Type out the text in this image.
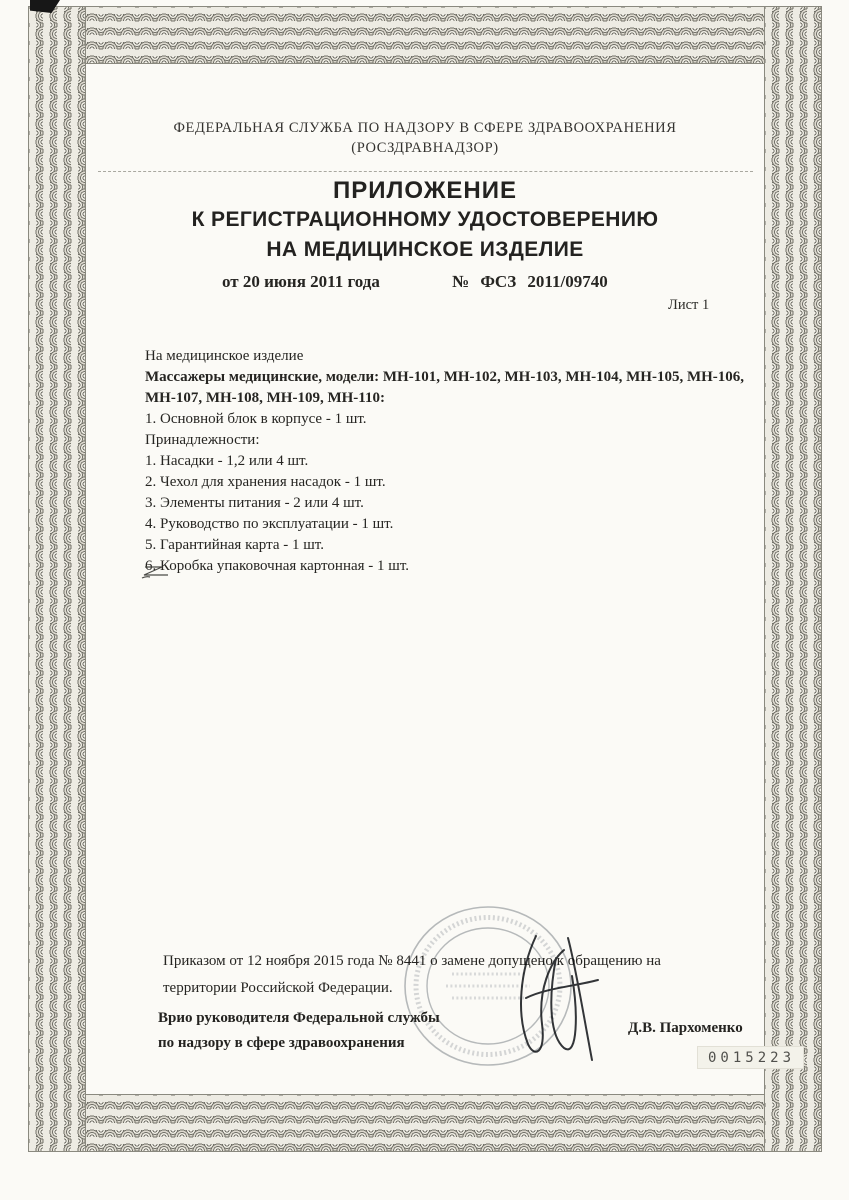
ФЕДЕРАЛЬНАЯ СЛУЖБА ПО НАДЗОРУ В СФЕРЕ ЗДРАВООХРАНЕНИЯ
(РОСЗДРАВНАДЗОР)
ПРИЛОЖЕНИЕ
К РЕГИСТРАЦИОННОМУ УДОСТОВЕРЕНИЮ
НА МЕДИЦИНСКОЕ ИЗДЕЛИЕ
от 20 июня 2011 года	№ ФСЗ 2011/09740
Лист 1
На медицинское изделие
Массажеры медицинские, модели: МН-101, МН-102, МН-103, МН-104, МН-105, МН-106, МН-107, МН-108, МН-109, МН-110:
1. Основной блок в корпусе - 1 шт.
Принадлежности:
1. Насадки - 1,2 или 4 шт.
2. Чехол для хранения насадок - 1 шт.
3. Элементы питания - 2 или 4 шт.
4. Руководство по эксплуатации - 1 шт.
5. Гарантийная карта - 1 шт.
6. Коробка упаковочная картонная - 1 шт.
Приказом от 12 ноября 2015 года № 8441 о замене допущено к обращению на территории Российской Федерации.
Врио руководителя Федеральной службы
по надзору в сфере здравоохранения
Д.В. Пархоменко
0015223
